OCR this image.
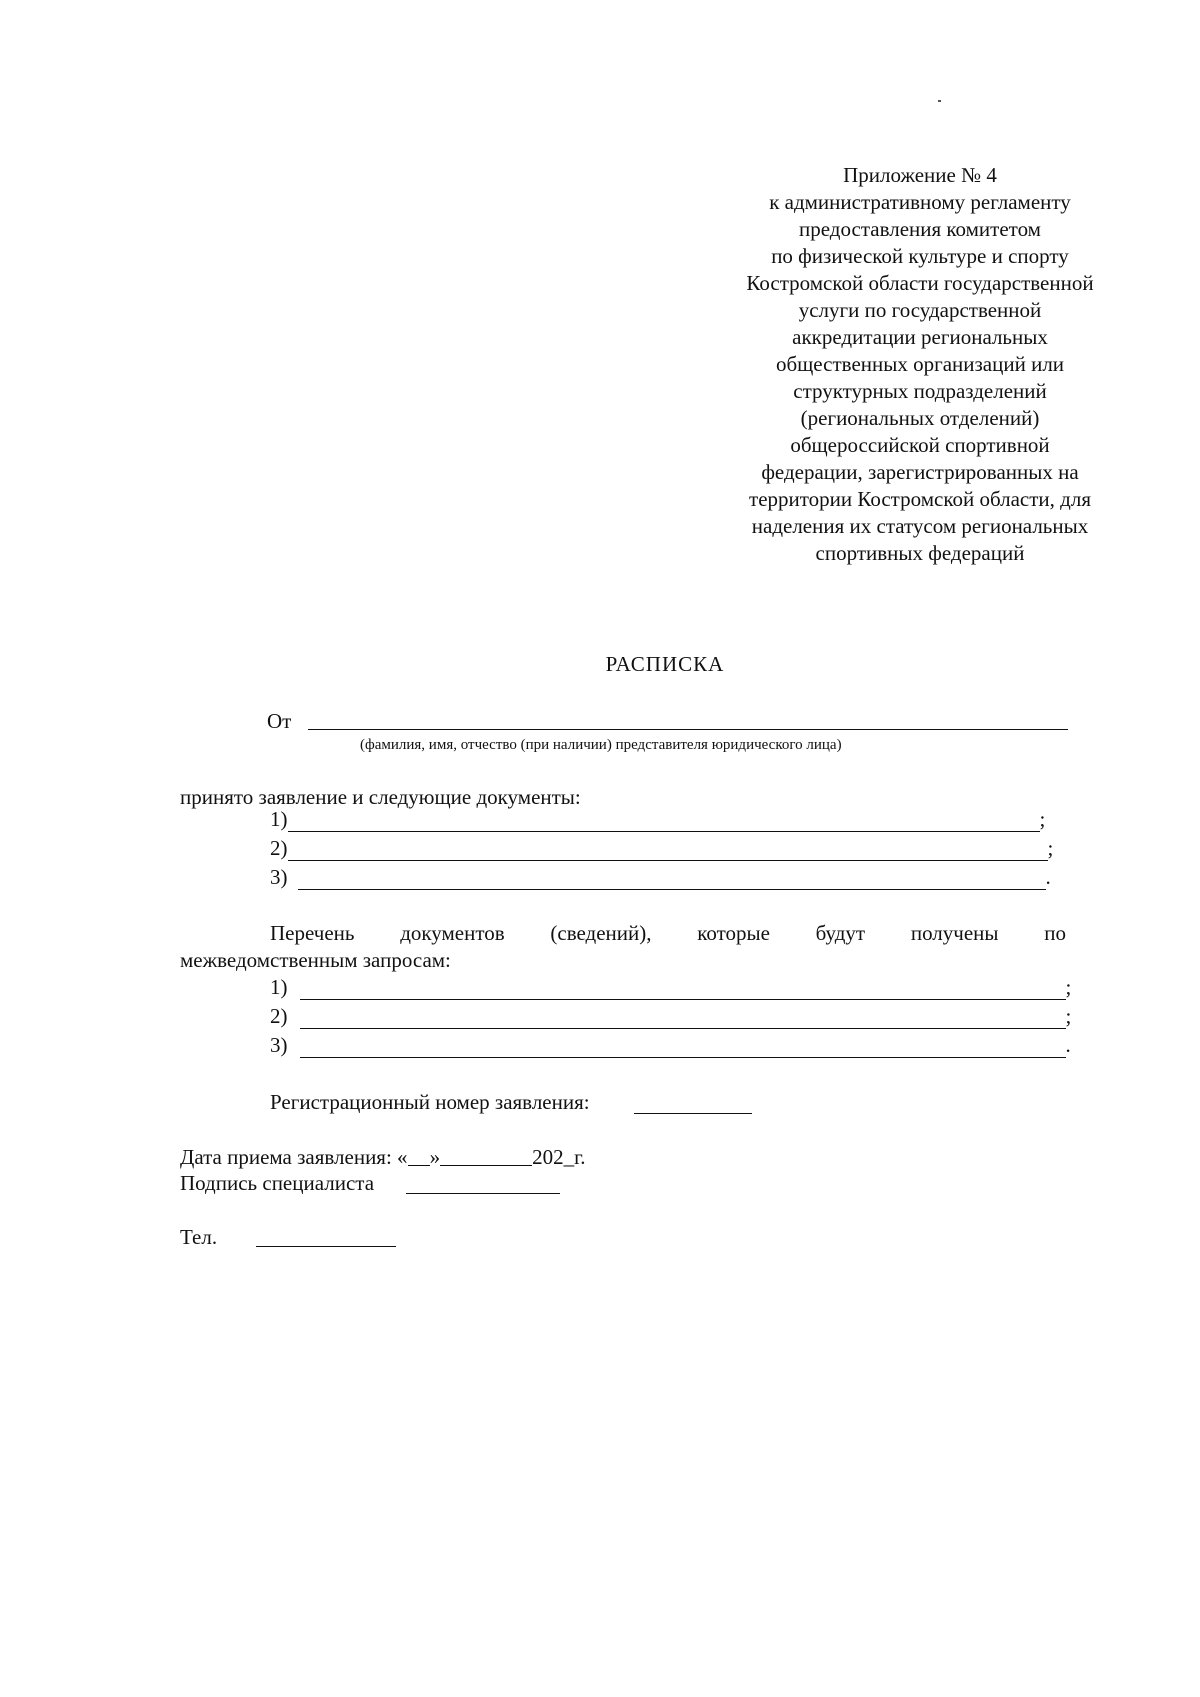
Приложение № 4
к административному регламенту
предоставления комитетом
по физической культуре и спорту
Костромской области государственной
услуги по государственной
аккредитации региональных
общественных организаций или
структурных подразделений
(региональных отделений)
общероссийской спортивной
федерации, зарегистрированных на
территории Костромской области, для
наделения их статусом региональных
спортивных федераций
РАСПИСКА
От
(фамилия, имя, отчество (при наличии) представителя юридического лица)
принято заявление и следующие документы:
1)	;
2)	;
3)	.
Перечень документов (сведений), которые будут получены по
межведомственным запросам:
1)	;
2)	;
3)	.
Регистрационный номер заявления:
Дата приема заявления: « »	202_г.
Подпись специалиста
Тел.
